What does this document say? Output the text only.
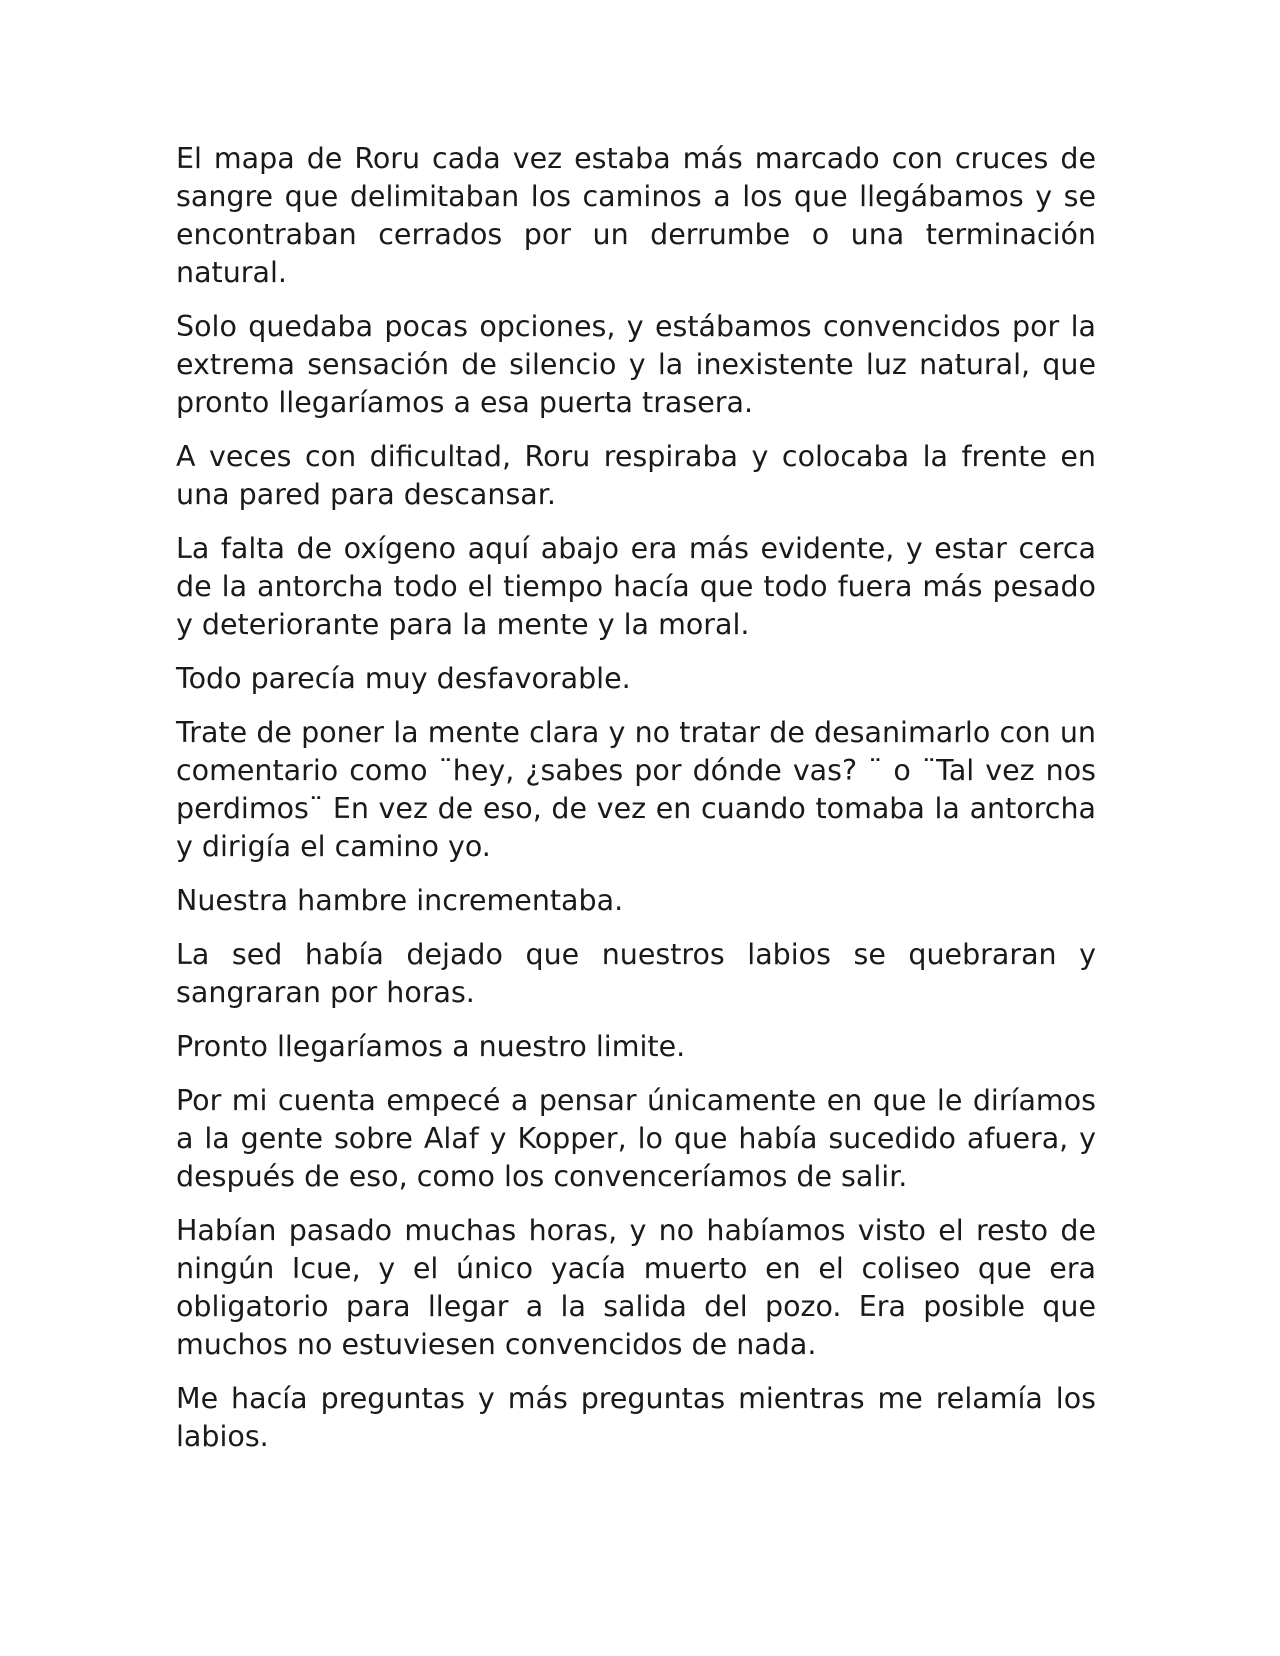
El mapa de Roru cada vez estaba más marcado con cruces de sangre que delimitaban los caminos a los que llegábamos y se encontraban cerrados por un derrumbe o una terminación natural.

Solo quedaba pocas opciones, y estábamos convencidos por la extrema sensación de silencio y la inexistente luz natural, que pronto llegaríamos a esa puerta trasera.

A veces con dificultad, Roru respiraba y colocaba la frente en una pared para descansar.

La falta de oxígeno aquí abajo era más evidente, y estar cerca de la antorcha todo el tiempo hacía que todo fuera más pesado y deteriorante para la mente y la moral.

Todo parecía muy desfavorable.

Trate de poner la mente clara y no tratar de desanimarlo con un comentario como ¨hey, ¿sabes por dónde vas? ¨ o ¨Tal vez nos perdimos¨ En vez de eso, de vez en cuando tomaba la antorcha y dirigía el camino yo.

Nuestra hambre incrementaba.

La sed había dejado que nuestros labios se quebraran y sangraran por horas.

Pronto llegaríamos a nuestro limite.

Por mi cuenta empecé a pensar únicamente en que le diríamos a la gente sobre Alaf y Kopper, lo que había sucedido afuera, y después de eso, como los convenceríamos de salir.

Habían pasado muchas horas, y no habíamos visto el resto de ningún Icue, y el único yacía muerto en el coliseo que era obligatorio para llegar a la salida del pozo. Era posible que muchos no estuviesen convencidos de nada.

Me hacía preguntas y más preguntas mientras me relamía los labios.
